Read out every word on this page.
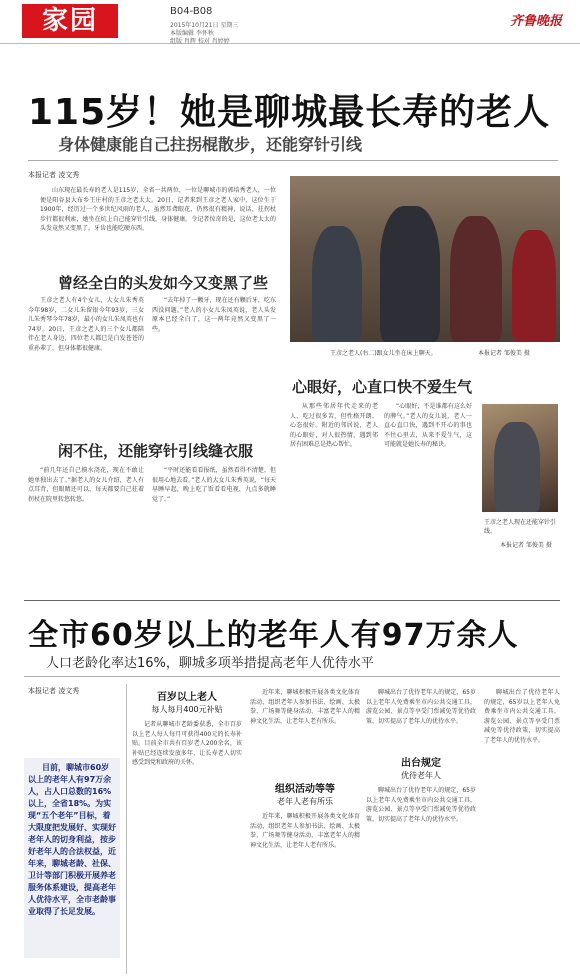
家园	B04-B08
2015年10月21日 星期三
本版编辑 李怀秋
组版 肖辉 校对 肖婷婷
齐鲁晚报
115岁！她是聊城最长寿的老人
身体健康能自己拄拐棍散步，还能穿针引线
本报记者 凌文秀
山东现在最长寿的老人是115岁，全省一共两位，一位是聊城市的郭培秀老人，一位便是阳谷县大布乡王庄村的王彦之老太太。20日，记者来到王彦之老人家中，这位生于1900年，经历过一个多世纪风雨的老人，虽然耳聋眼花，仍然很有精神，说话、拄拐杖步行都很利索，她坐在炕上自己能穿针引线，身体健康。令记者惊奇的是，这位老太太的头发竟然又变黑了，牙齿也能吃硬东西。
曾经全白的头发如今又变黑了些
王彦之老人有4个女儿，大女儿朱秀英今年98岁，二女儿朱留银今年93岁，三女儿朱秀琴今年78岁，最小的女儿朱凤英也有74岁。20日，王彦之老人的三个女儿都陪伴在老人身边，四位老人都已是白发苍苍的重孙辈了，但身体都很健康。
“去年掉了一颗牙，现在还有颗后牙，吃东西没问题。”老人的小女儿朱凤英说，老人头发原本已经全白了，这一两年竟然又变黑了一些。
闲不住，还能穿针引线缝衣服
“前几年还自己摸水浇花，现在不敢让她单独出去了。”据老人的女儿介绍，老人有点耳背，但眼睛还可以，每天都要自己拄着拐杖在院里转悠转悠。
“平时还能看看报纸，虽然看得不清楚，但很用心地去看。”老人的大女儿朱秀英说，“每天早睡早起，晚上吃了饭看看电视，九点多就睡觉了。”
王彦之老人(右二)跟女儿坐在床上聊天。	本报记者 邹俊美 摄
心眼好，心直口快不爱生气
从那些邻居年代走来的老人，吃过很多苦，但性格开朗，心态很好。附近的邻居说，老人的心眼好，对人很热情，遇到邻居有困难总是热心帮忙。
“心眼好，不是谁都有这么好的脾气。”老人的女儿说，老人一直心直口快，遇到不开心的事也不往心里去，从来不爱生气，这可能就是她长寿的秘诀。
王彦之老人现在还能穿针引线。
本报记者 邹俊美 摄
全市60岁以上的老年人有97万余人
人口老龄化率达16%，聊城多项举措提高老年人优待水平
本报记者 凌文秀
目前，聊城市60岁以上的老年人有97万余人，占人口总数的16%以上，全省18%。为实现“五个老年”目标，着大限度把发展好、实现好老年人的切身利益，按步好老年人的合法权益，近年来，聊城老龄、社保、卫计等部门积极开展养老服务体系建设，提高老年人优待水平，全市老龄事业取得了长足发展。
百岁以上老人
每人每月400元补贴
记者从聊城市老龄委获悉，全市百岁以上老人每人每月可获得400元的长寿补贴。目前全市共有百岁老人200余名，该补贴已经连续发放多年，让长寿老人切实感受到党和政府的关怀。
近年来，聊城积极开展各类文化体育活动，组织老年人参加书法、绘画、太极拳、广场舞等健身活动，丰富老年人的精神文化生活，让老年人老有所乐。
组织活动等等
老年人老有所乐
近年来，聊城积极开展各类文化体育活动，组织老年人参加书法、绘画、太极拳、广场舞等健身活动，丰富老年人的精神文化生活，让老年人老有所乐。
聊城出台了优待老年人的规定，65岁以上老年人免费乘坐市内公共交通工具，游览公园、景点等享受门票减免等优待政策，切实提高了老年人的优待水平。
出台规定
优待老年人
聊城出台了优待老年人的规定，65岁以上老年人免费乘坐市内公共交通工具，游览公园、景点等享受门票减免等优待政策，切实提高了老年人的优待水平。
聊城出台了优待老年人的规定，65岁以上老年人免费乘坐市内公共交通工具，游览公园、景点等享受门票减免等优待政策，切实提高了老年人的优待水平。
